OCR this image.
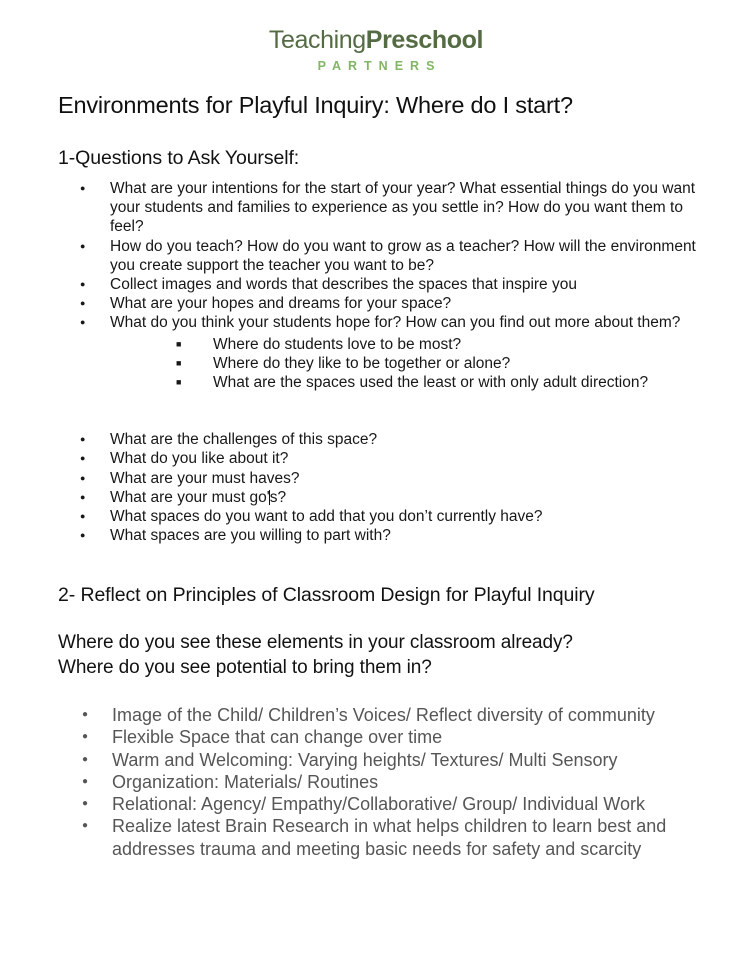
TeachingPreschool
PARTNERS
Environments for Playful Inquiry: Where do I start?
1-Questions to Ask Yourself:
● What are your intentions for the start of your year? What essential things do you want your students and families to experience as you settle in? How do you want them to feel?
● How do you teach? How do you want to grow as a teacher? How will the environment you create support the teacher you want to be?
● Collect images and words that describes the spaces that inspire you
● What are your hopes and dreams for your space?
● What do you think your students hope for? How can you find out more about them?
■ Where do students love to be most?
■ Where do they like to be together or alone?
■ What are the spaces used the least or with only adult direction?
● What are the challenges of this space?
● What do you like about it?
● What are your must haves?
● What are your must go's?
● What spaces do you want to add that you don’t currently have?
● What spaces are you willing to part with?
2- Reflect on Principles of Classroom Design for Playful Inquiry
Where do you see these elements in your classroom already?
Where do you see potential to bring them in?
● Image of the Child/ Children’s Voices/ Reflect diversity of community
● Flexible Space that can change over time
● Warm and Welcoming: Varying heights/ Textures/ Multi Sensory
● Organization: Materials/ Routines
● Relational: Agency/ Empathy/Collaborative/ Group/ Individual Work
● Realize latest Brain Research in what helps children to learn best and addresses trauma and meeting basic needs for safety and scarcity
